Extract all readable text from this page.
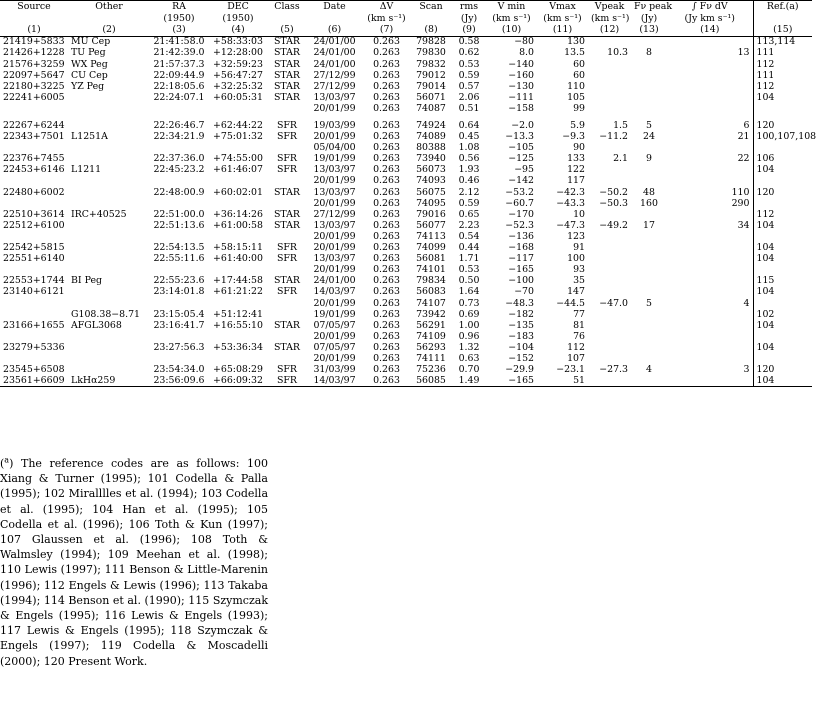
Source	Other	RA	DEC	Class	Date	ΔV	Scan	rms	V min	Vmax	Vpeak	Fν peak	∫ Fν dV	Ref.(a)
		(1950)	(1950)			(km s⁻¹)		(Jy)	(km s⁻¹)	(km s⁻¹)	(km s⁻¹)	(Jy)	(Jy km s⁻¹)	
(1)	(2)	(3)	(4)	(5)	(6)	(7)	(8)	(9)	(10)	(11)	(12)	(13)	(14)	(15)
21419+5833	MU Cep	21:41:58.0	+58:33:03	STAR	24/01/00	0.263	79828	0.58	−80	130				113,114
21426+1228	TU Peg	21:42:39.0	+12:28:00	STAR	24/01/00	0.263	79830	0.62	8.0	13.5	10.3	8	13	111
21576+3259	WX Peg	21:57:37.3	+32:59:23	STAR	24/01/00	0.263	79832	0.53	−140	60				112
22097+5647	CU Cep	22:09:44.9	+56:47:27	STAR	27/12/99	0.263	79012	0.59	−160	60				111
22180+3225	YZ Peg	22:18:05.6	+32:25:32	STAR	27/12/99	0.263	79014	0.57	−130	110				112
22241+6005		22:24:07.1	+60:05:31	STAR	13/03/97	0.263	56071	2.06	−111	105				104
					20/01/99	0.263	74087	0.51	−158	99				

22267+6244		22:26:46.7	+62:44:22	SFR	19/03/99	0.263	74924	0.64	−2.0	5.9	1.5	5	6	120
22343+7501	L1251A	22:34:21.9	+75:01:32	SFR	20/01/99	0.263	74089	0.45	−13.3	−9.3	−11.2	24	21	100,107,108
					05/04/00	0.263	80388	1.08	−105	90				
22376+7455		22:37:36.0	+74:55:00	SFR	19/01/99	0.263	73940	0.56	−125	133	2.1	9	22	106
22453+6146	L1211	22:45:23.2	+61:46:07	SFR	13/03/97	0.263	56073	1.93	−95	122				104
					20/01/99	0.263	74093	0.46	−142	117				
22480+6002		22:48:00.9	+60:02:01	STAR	13/03/97	0.263	56075	2.12	−53.2	−42.3	−50.2	48	110	120
					20/01/99	0.263	74095	0.59	−60.7	−43.3	−50.3	160	290	
22510+3614	IRC+40525	22:51:00.0	+36:14:26	STAR	27/12/99	0.263	79016	0.65	−170	10				112
22512+6100		22:51:13.6	+61:00:58	STAR	13/03/97	0.263	56077	2.23	−52.3	−47.3	−49.2	17	34	104
					20/01/99	0.263	74113	0.54	−136	123				
22542+5815		22:54:13.5	+58:15:11	SFR	20/01/99	0.263	74099	0.44	−168	91				104
22551+6140		22:55:11.6	+61:40:00	SFR	13/03/97	0.263	56081	1.71	−117	100				104
					20/01/99	0.263	74101	0.53	−165	93				
22553+1744	BI Peg	22:55:23.6	+17:44:58	STAR	24/01/00	0.263	79834	0.50	−100	35				115
23140+6121		23:14:01.8	+61:21:22	SFR	14/03/97	0.263	56083	1.64	−70	147				104
					20/01/99	0.263	74107	0.73	−48.3	−44.5	−47.0	5	4	
	G108.38−8.71	23:15:05.4	+51:12:41		19/01/99	0.263	73942	0.69	−182	77				102
23166+1655	AFGL3068	23:16:41.7	+16:55:10	STAR	07/05/97	0.263	56291	1.00	−135	81				104
					20/01/99	0.263	74109	0.96	−183	76				
23279+5336		23:27:56.3	+53:36:34	STAR	07/05/97	0.263	56293	1.32	−104	112				104
					20/01/99	0.263	74111	0.63	−152	107				
23545+6508		23:54:34.0	+65:08:29	SFR	31/03/99	0.263	75236	0.70	−29.9	−23.1	−27.3	4	3	120
23561+6609	LkHα259	23:56:09.6	+66:09:32	SFR	14/03/97	0.263	56085	1.49	−165	51				104
($^a$) The reference codes are as follows: 100 Xiang & Turner (1995); 101 Codella & Palla (1995); 102 Miralllles et al. (1994); 103 Codella et al. (1995); 104 Han et al. (1995); 105 Codella et al. (1996); 106 Toth & Kun (1997); 107 Glaussen et al. (1996); 108 Toth & Walmsley (1994); 109 Meehan et al. (1998); 110 Lewis (1997); 111 Benson & Little-Marenin (1996); 112 Engels & Lewis (1996); 113 Takaba (1994); 114 Benson et al. (1990); 115 Szymczak & Engels (1995); 116 Lewis & Engels (1993); 117 Lewis & Engels (1995); 118 Szymczak & Engels (1997); 119 Codella & Moscadelli (2000); 120 Present Work.
